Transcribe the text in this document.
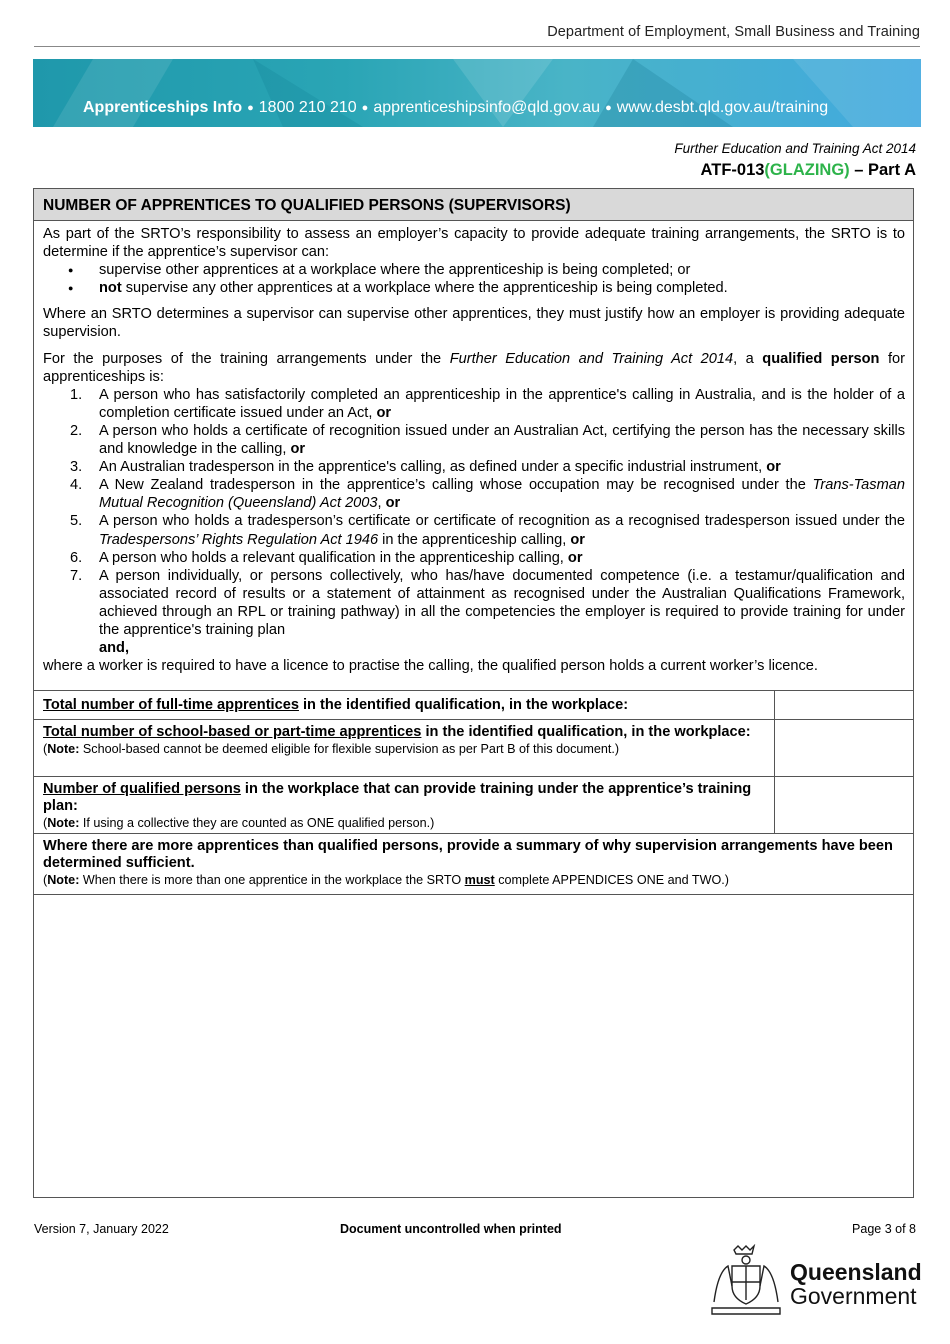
Department of Employment, Small Business and Training
Apprenticeships Info ● 1800 210 210 ● apprenticeshipsinfo@qld.gov.au ● www.desbt.qld.gov.au/training
Further Education and Training Act 2014
ATF-013(GLAZING) – Part A
NUMBER OF APPRENTICES TO QUALIFIED PERSONS (SUPERVISORS)

As part of the SRTO’s responsibility to assess an employer’s capacity to provide adequate training arrangements, the SRTO is to determine if the apprentice’s supervisor can:

● supervise other apprentices at a workplace where the apprenticeship is being completed; or
● not supervise any other apprentices at a workplace where the apprenticeship is being completed.

Where an SRTO determines a supervisor can supervise other apprentices, they must justify how an employer is providing adequate supervision.

For the purposes of the training arrangements under the Further Education and Training Act 2014, a qualified person for apprenticeships is:

1. A person who has satisfactorily completed an apprenticeship in the apprentice's calling in Australia, and is the holder of a completion certificate issued under an Act, or
2. A person who holds a certificate of recognition issued under an Australian Act, certifying the person has the necessary skills and knowledge in the calling, or
3. An Australian tradesperson in the apprentice's calling, as defined under a specific industrial instrument, or
4. A New Zealand tradesperson in the apprentice’s calling whose occupation may be recognised under the Trans-Tasman Mutual Recognition (Queensland) Act 2003, or
5. A person who holds a tradesperson’s certificate or certificate of recognition as a recognised tradesperson issued under the Tradespersons’ Rights Regulation Act 1946 in the apprenticeship calling, or
6. A person who holds a relevant qualification in the apprenticeship calling, or
7. A person individually, or persons collectively, who has/have documented competence (i.e. a testamur/qualification and associated record of results or a statement of attainment as recognised under the Australian Qualifications Framework, achieved through an RPL or training pathway) in all the competencies the employer is required to provide training for under the apprentice's training plan
and,

where a worker is required to have a licence to practise the calling, the qualified person holds a current worker’s licence.

Total number of full-time apprentices in the identified qualification, in the workplace:
Total number of school-based or part-time apprentices in the identified qualification, in the workplace:
(Note: School-based cannot be deemed eligible for flexible supervision as per Part B of this document.)
Number of qualified persons in the workplace that can provide training under the apprentice’s training plan:
(Note: If using a collective they are counted as ONE qualified person.)
Where there are more apprentices than qualified persons, provide a summary of why supervision arrangements have been determined sufficient.
(Note: When there is more than one apprentice in the workplace the SRTO must complete APPENDICES ONE and TWO.)
Version 7, January 2022	Document uncontrolled when printed	Page 3 of 8
Queensland
Government
